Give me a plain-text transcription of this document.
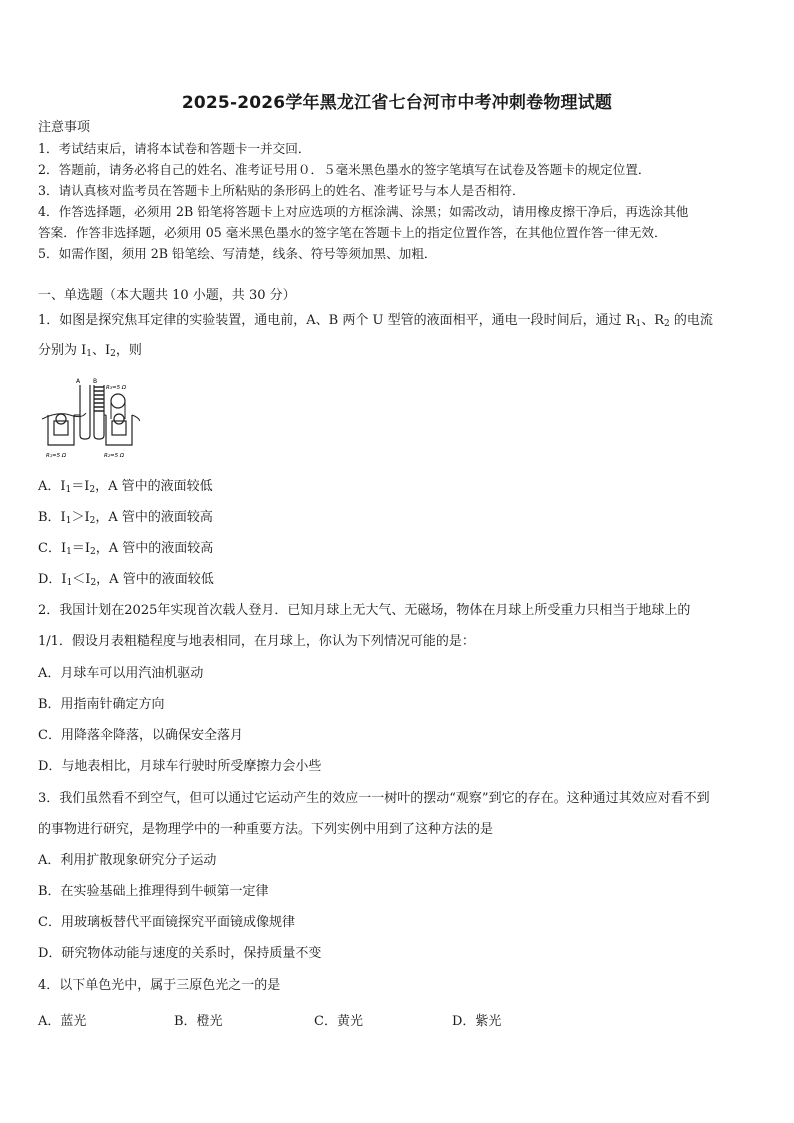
2025-2026学年黑龙江省七台河市中考冲刺卷物理试题
注意事项
1．考试结束后，请将本试卷和答题卡一并交回．
2．答题前，请务必将自己的姓名、准考证号用０．５毫米黑色墨水的签字笔填写在试卷及答题卡的规定位置．
3．请认真核对监考员在答题卡上所粘贴的条形码上的姓名、准考证号与本人是否相符．
4．作答选择题，必须用 2B 铅笔将答题卡上对应选项的方框涂满、涂黑；如需改动，请用橡皮擦干净后，再选涂其他
答案．作答非选择题，必须用 05 毫米黑色墨水的签字笔在答题卡上的指定位置作答，在其他位置作答一律无效．
5．如需作图，须用 2B 铅笔绘、写清楚，线条、符号等须加黑、加粗．
一、单选题（本大题共 10 小题，共 30 分）
1．如图是探究焦耳定律的实验装置，通电前，A、B 两个 U 型管的液面相平，通电一段时间后，通过 $R_1$、$R_2$ 的电流
分别为 $I_1$、$I_2$，则
A B
R₃=5 Ω
R₁=5 Ω	R₂=5 Ω
A．$I_1=I_2$，A 管中的液面较低
B．$I_1>I_2$，A 管中的液面较高
C．$I_1=I_2$，A 管中的液面较高
D．$I_1<I_2$，A 管中的液面较低
2．我国计划在2025年实现首次载人登月．已知月球上无大气、无磁场，物体在月球上所受重力只相当于地球上的
1/1．假设月表粗糙程度与地表相同，在月球上，你认为下列情况可能的是：
A．月球车可以用汽油机驱动
B．用指南针确定方向
C．用降落伞降落，以确保安全落月
D．与地表相比，月球车行驶时所受摩擦力会小些
3．我们虽然看不到空气，但可以通过它运动产生的效应一一树叶的摆动“观察”到它的存在。这种通过其效应对看不到
的事物进行研究，是物理学中的一种重要方法。下列实例中用到了这种方法的是
A．利用扩散现象研究分子运动
B．在实验基础上推理得到牛顿第一定律
C．用玻璃板替代平面镜探究平面镜成像规律
D．研究物体动能与速度的关系时，保持质量不变
4．以下单色光中，属于三原色光之一的是
A．蓝光	B．橙光	C．黄光	D．紫光
